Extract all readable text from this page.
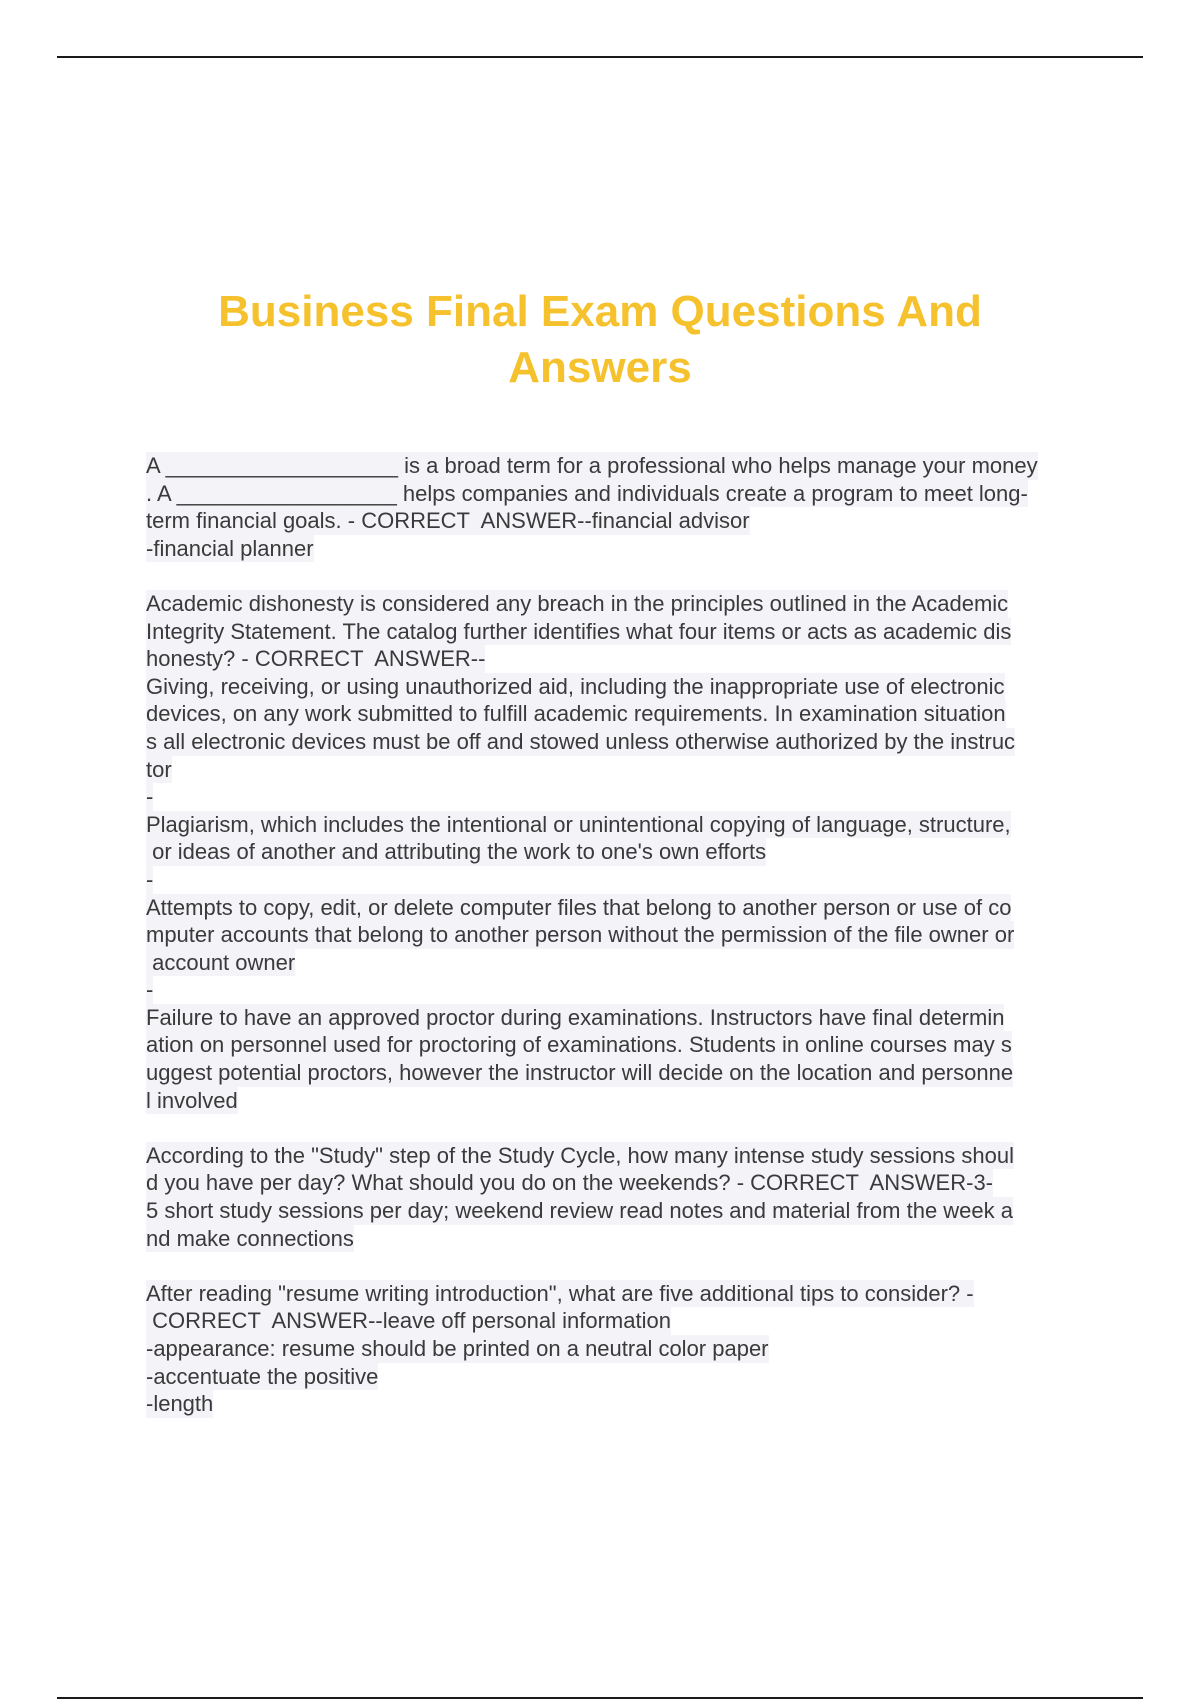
Business Final Exam Questions And
Answers
A ___________________ is a broad term for a professional who helps manage your money
. A __________________ helps companies and individuals create a program to meet long-
term financial goals. - CORRECT  ANSWER--financial advisor
-financial planner
Academic dishonesty is considered any breach in the principles outlined in the Academic
Integrity Statement. The catalog further identifies what four items or acts as academic dis
honesty? - CORRECT  ANSWER--
Giving, receiving, or using unauthorized aid, including the inappropriate use of electronic
devices, on any work submitted to fulfill academic requirements. In examination situation
s all electronic devices must be off and stowed unless otherwise authorized by the instruc
tor
-
Plagiarism, which includes the intentional or unintentional copying of language, structure,
or ideas of another and attributing the work to one's own efforts
-
Attempts to copy, edit, or delete computer files that belong to another person or use of co
mputer accounts that belong to another person without the permission of the file owner or
account owner
-
Failure to have an approved proctor during examinations. Instructors have final determin
ation on personnel used for proctoring of examinations. Students in online courses may s
uggest potential proctors, however the instructor will decide on the location and personne
l involved
According to the "Study" step of the Study Cycle, how many intense study sessions shoul
d you have per day? What should you do on the weekends? - CORRECT  ANSWER-3-
5 short study sessions per day; weekend review read notes and material from the week a
nd make connections
After reading "resume writing introduction", what are five additional tips to consider? -
CORRECT  ANSWER--leave off personal information
-appearance: resume should be printed on a neutral color paper
-accentuate the positive
-length
